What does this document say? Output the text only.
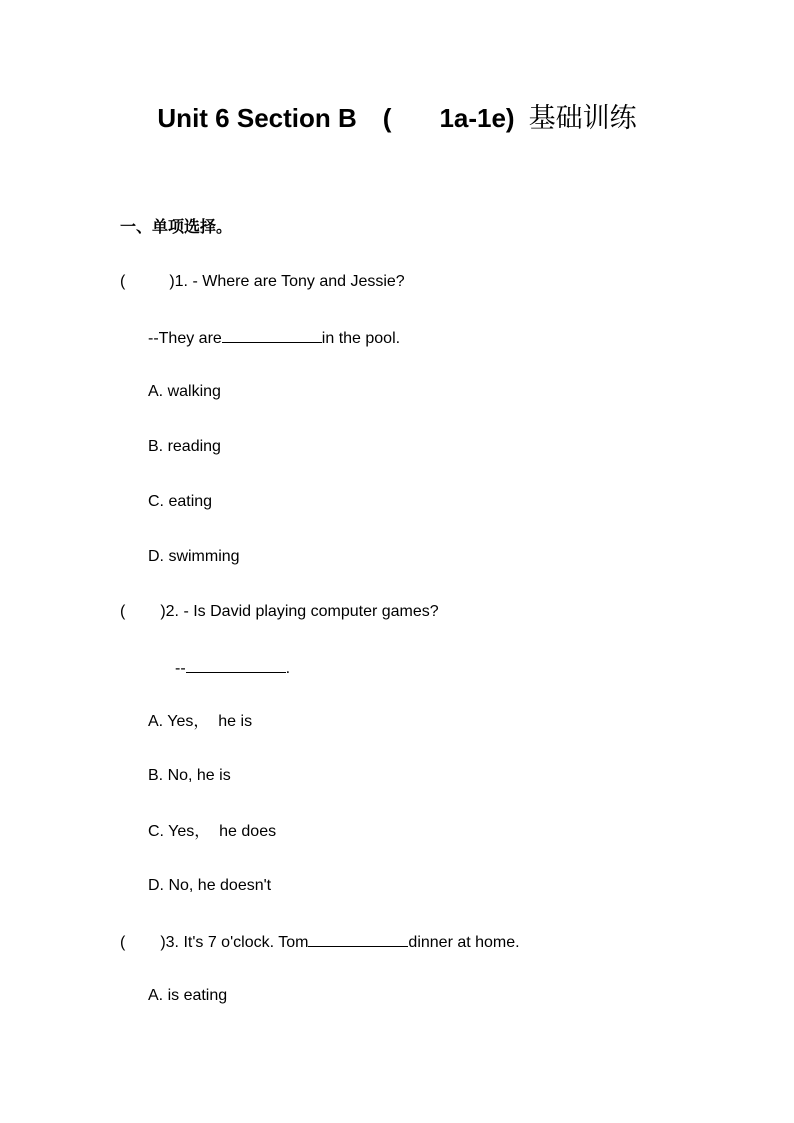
Unit 6 Section B ( 1a-1e) 基础训练
一、单项选择。
(	)1. - Where are Tony and Jessie?
--They are	in the pool.
A. walking
B. reading
C. eating
D. swimming
( )2. - Is David playing computer games?
--	.
A. Yes，  he is
B. No, he is
C. Yes，  he does
D. No, he doesn't
( )3. It's 7 o'clock. Tom	dinner at home.
A. is eating
